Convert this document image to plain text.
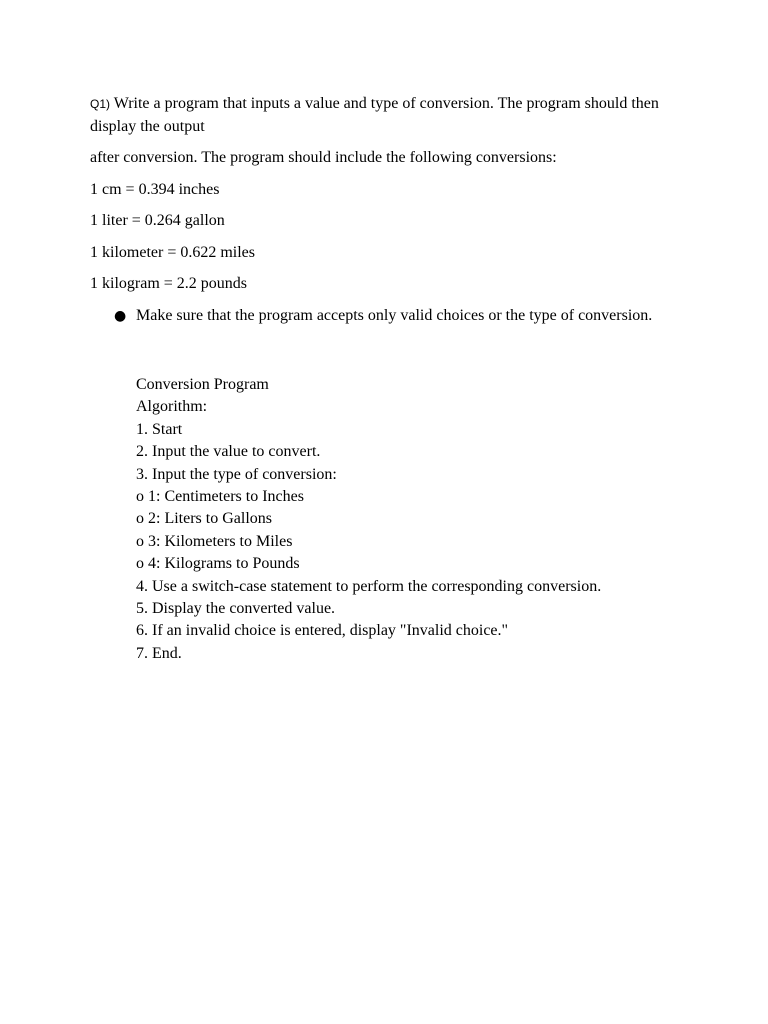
Q1) Write a program that inputs a value and type of conversion. The program should then display the output

after conversion. The program should include the following conversions:

1 cm = 0.394 inches

1 liter = 0.264 gallon

1 kilometer = 0.622 miles

1 kilogram = 2.2 pounds

● Make sure that the program accepts only valid choices or the type of conversion.
Conversion Program
Algorithm:
1. Start
2. Input the value to convert.
3. Input the type of conversion:
o 1: Centimeters to Inches
o 2: Liters to Gallons
o 3: Kilometers to Miles
o 4: Kilograms to Pounds
4. Use a switch-case statement to perform the corresponding conversion.
5. Display the converted value.
6. If an invalid choice is entered, display "Invalid choice."
7. End.
